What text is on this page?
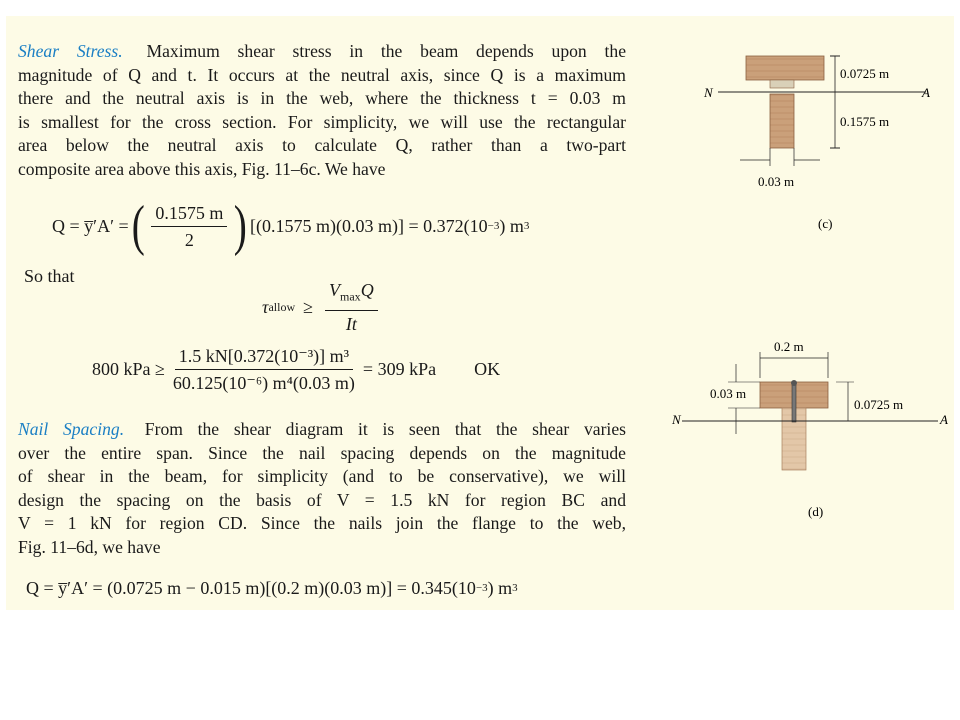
Shear Stress. Maximum shear stress in the beam depends upon the
magnitude of Q and t. It occurs at the neutral axis, since Q is a maximum
there and the neutral axis is in the web, where the thickness t = 0.03 m
is smallest for the cross section. For simplicity, we will use the rectangular
area below the neutral axis to calculate Q, rather than a two-part
composite area above this axis, Fig. 11–6c. We have
Q = y̅′A′ = ( $\frac{0.1575 m}{2}$ ) [(0.1575 m)(0.03 m)] = 0.372(10 −3 ) m 3
So that
τ allow ≥ $\frac{V_{max}Q}{It}$
800 kPa ≥ $\frac{\text{1.5 kN[0.372(10⁻³)] m³}}{\text{60.125(10⁻⁶) m⁴(0.03 m)}} = 309$ kPa OK
Nail Spacing. From the shear diagram it is seen that the shear varies
over the entire span. Since the nail spacing depends on the magnitude
of shear in the beam, for simplicity (and to be conservative), we will
design the spacing on the basis of V = 1.5 kN for region BC and
V = 1 kN for region CD. Since the nails join the flange to the web,
Fig. 11–6d, we have
Q = y̅′A′ = (0.0725 m − 0.015 m)[(0.2 m)(0.03 m)] = 0.345(10 −3 ) m 3
N	A
0.0725 m
0.1575 m
0.03 m
(c)
0.2 m
N	A
0.03 m
0.0725 m
(d)
